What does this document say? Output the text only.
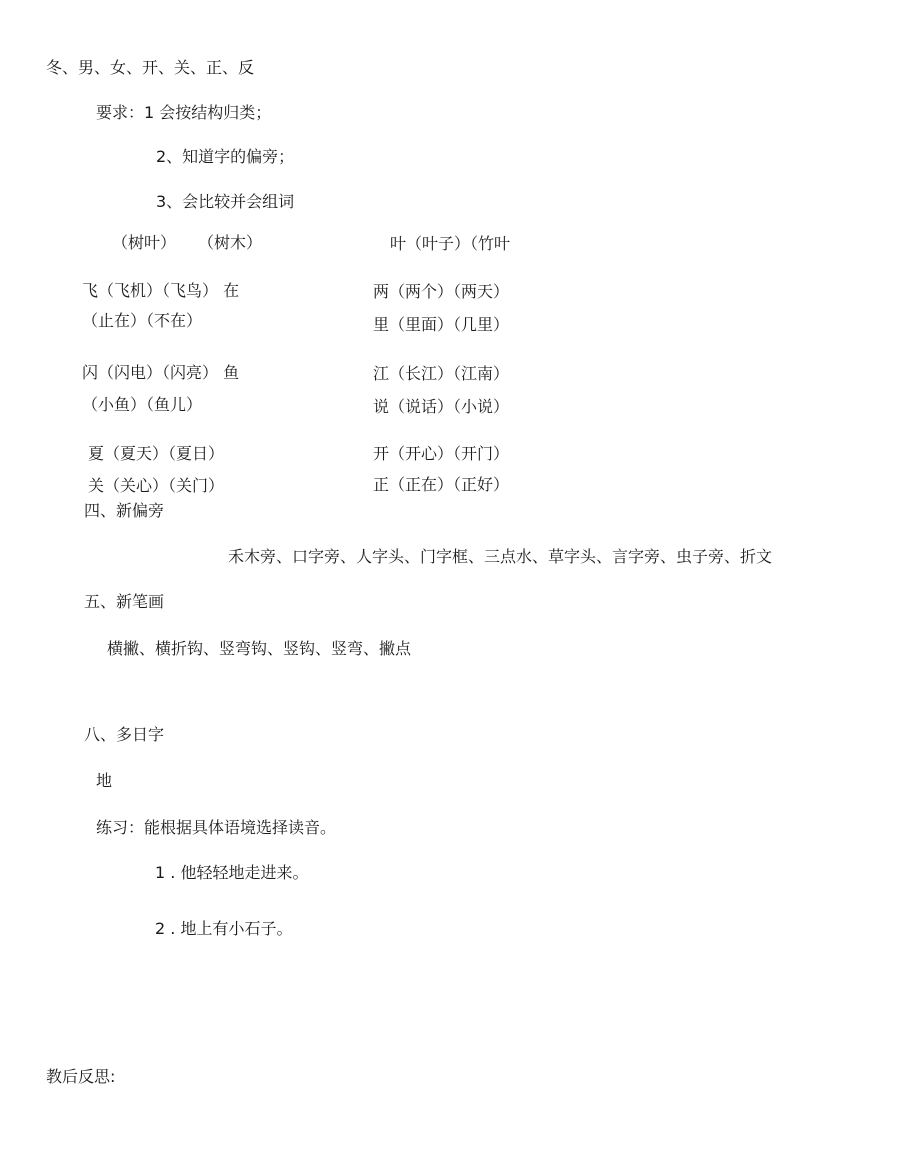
冬、男、女、开、关、正、反
要求：1 会按结构归类；
2、知道字的偏旁；
3、会比较并会组词
（树叶） （树木）	叶（叶子）（竹叶
飞（飞机）（飞鸟） 在
（止在）（不在）
两（两个）（两天）
里（里面）（几里）
闪（闪电）（闪亮） 鱼
（小鱼）（鱼儿）
江（长江）（江南）
说（说话）（小说）
夏（夏天）（夏日）
关（关心）（关门）
开（开心）（开门）
正（正在）（正好）
四、新偏旁
禾木旁、口字旁、人字头、门字框、三点水、草字头、言字旁、虫子旁、折文
五、新笔画
横撇、横折钩、竖弯钩、竖钩、竖弯、撇点
八、多日字
地
练习：能根据具体语境选择读音。
1 . 他轻轻地走进来。
2 . 地上有小石子。
教后反思:
